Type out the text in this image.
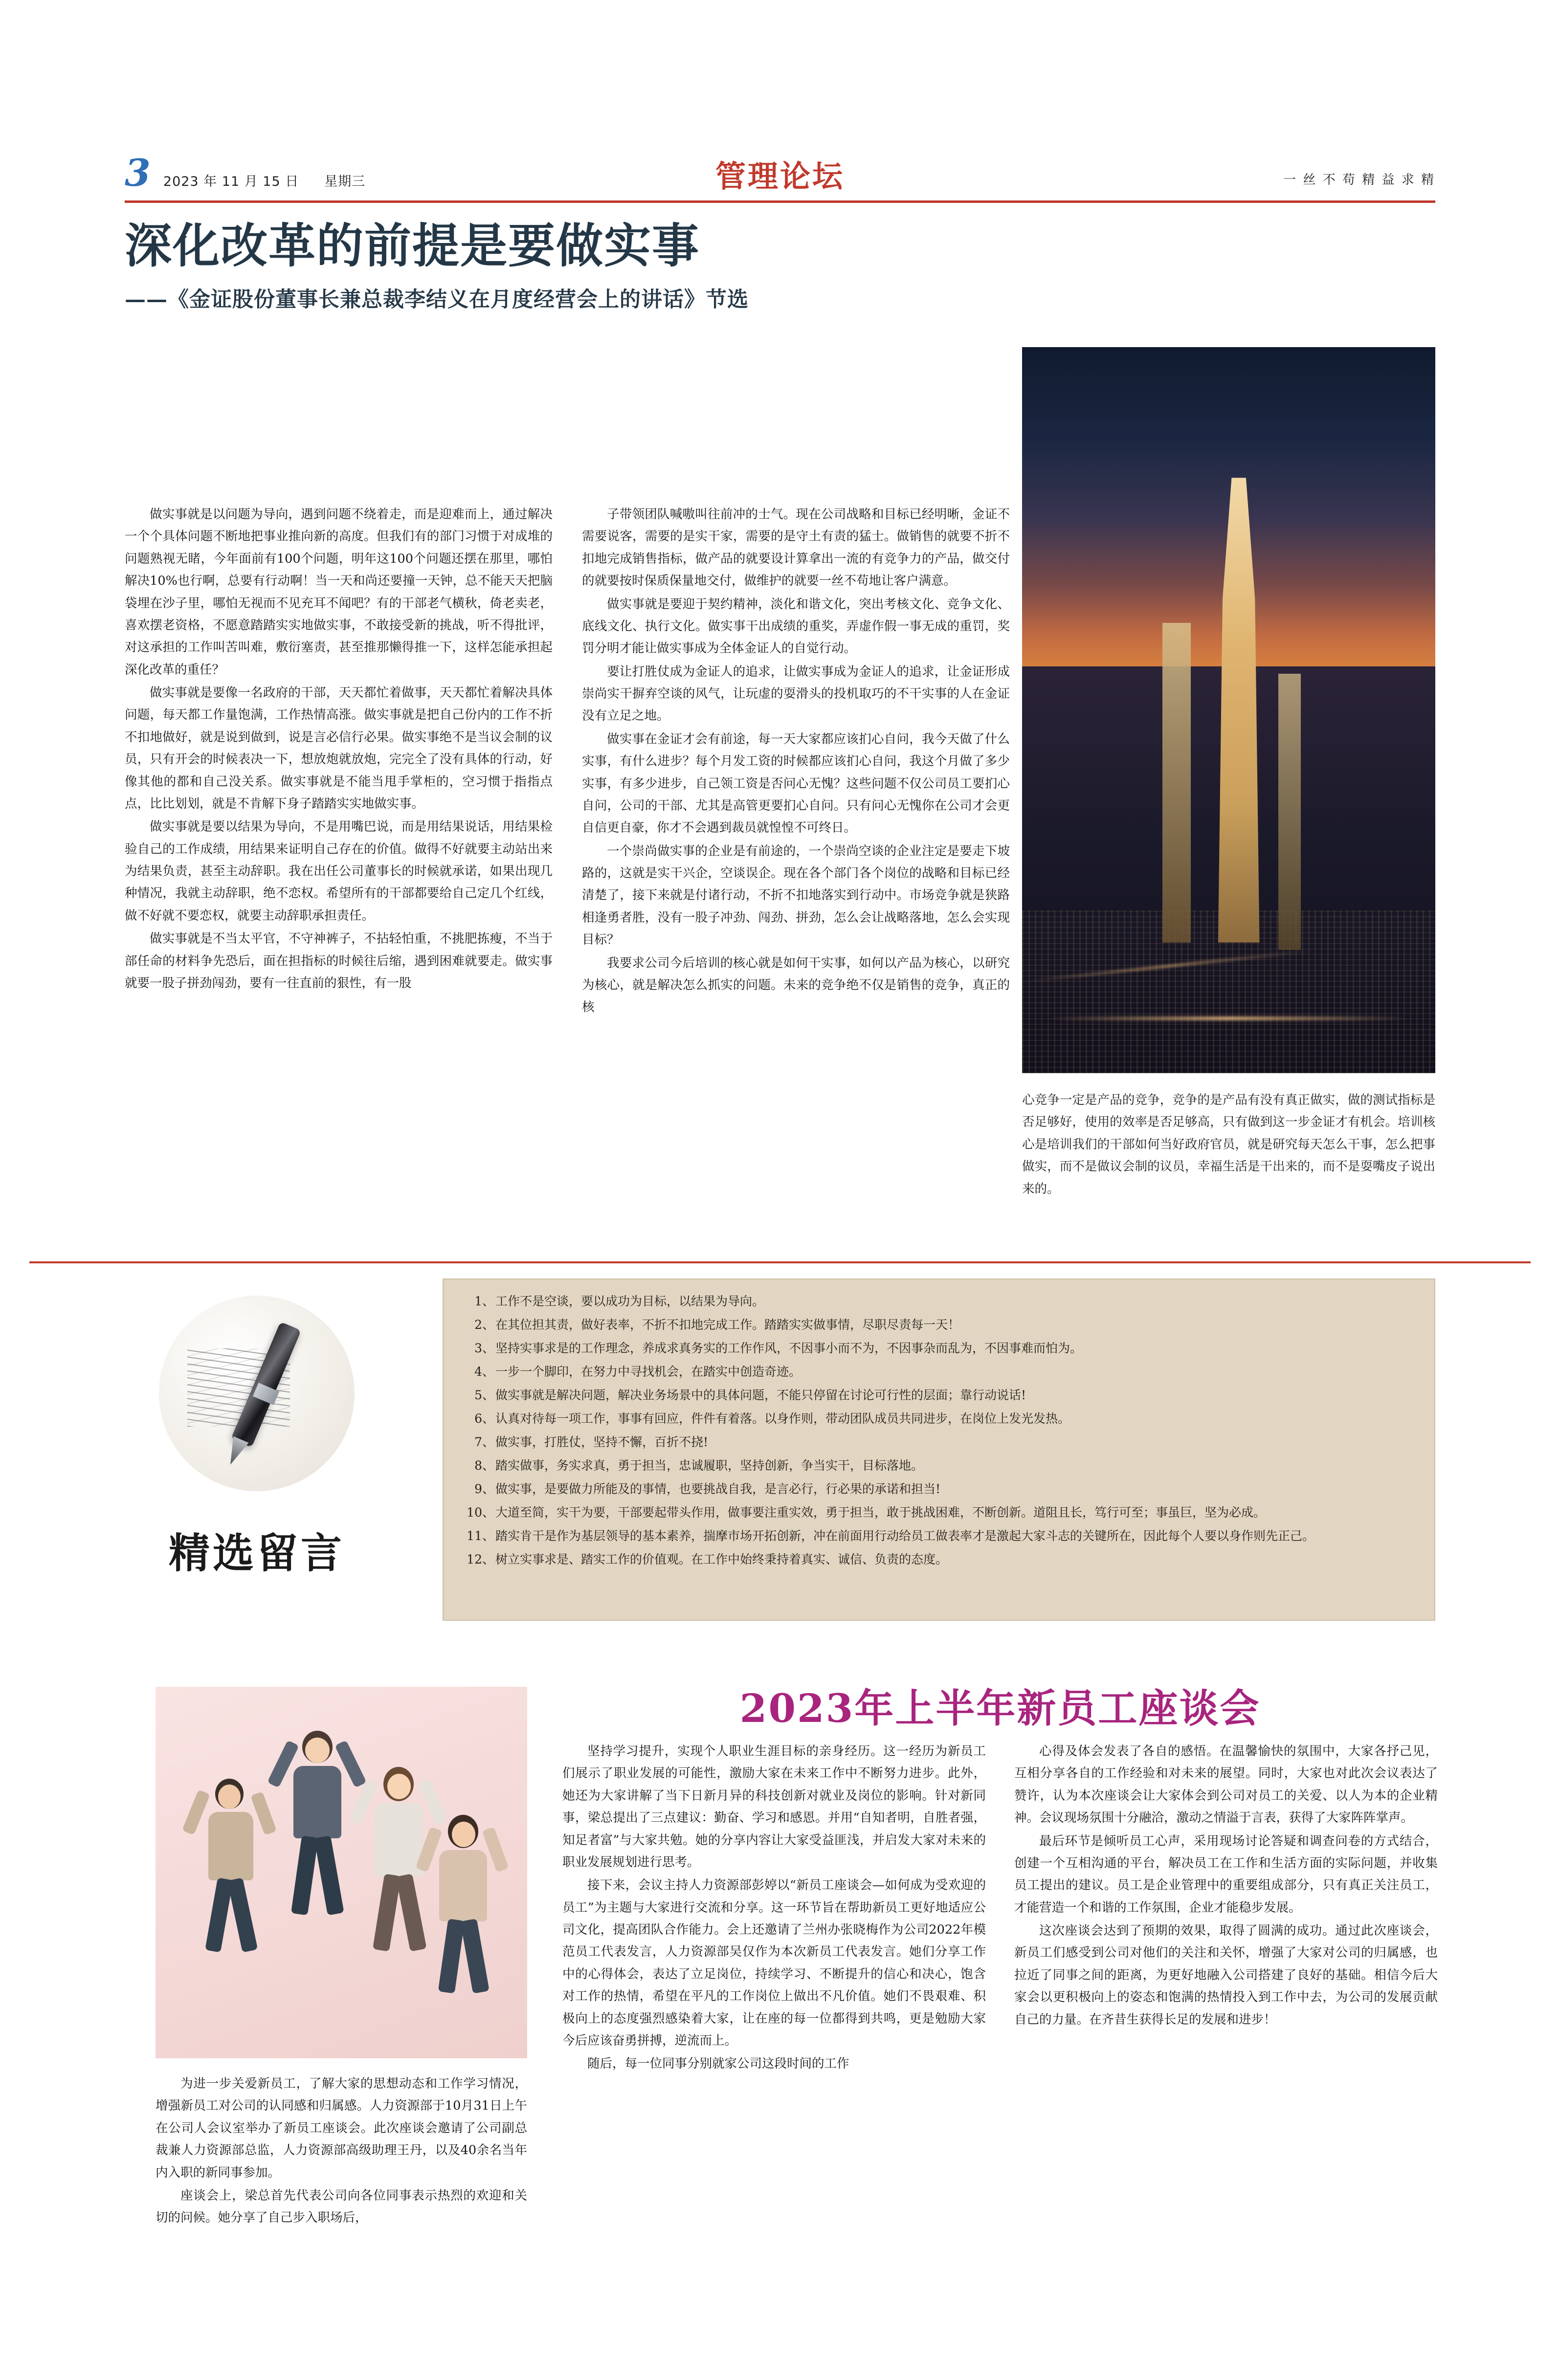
3 2023 年 11 月 15 日 星期三	管理论坛	一 丝 不 苟 精 益 求 精
深化改革的前提是要做实事
——《金证股份董事长兼总裁李结义在月度经营会上的讲话》节选

做实事就是以问题为导向，遇到问题不绕着走，而是迎难而上，通过解决一个个具体问题不断地把事业推向新的高度。但我们有的部门习惯于对成堆的问题熟视无睹，今年面前有100个问题，明年这100个问题还摆在那里，哪怕解决10%也行啊，总要有行动啊！当一天和尚还要撞一天钟，总不能天天把脑袋埋在沙子里，哪怕无视而不见充耳不闻吧？有的干部老气横秋，倚老卖老，喜欢摆老资格，不愿意踏踏实实地做实事，不敢接受新的挑战，听不得批评，对这承担的工作叫苦叫难，敷衍塞责，甚至推那懒得推一下，这样怎能承担起深化改革的重任？

做实事就是要像一名政府的干部，天天都忙着做事，天天都忙着解决具体问题，每天都工作量饱满，工作热情高涨。做实事就是把自己份内的工作不折不扣地做好，就是说到做到，说是言必信行必果。做实事绝不是当议会制的议员，只有开会的时候表决一下，想放炮就放炮，完完全了没有具体的行动，好像其他的都和自己没关系。做实事就是不能当甩手掌柜的，空习惯于指指点点，比比划划，就是不肯解下身子踏踏实实地做实事。

做实事就是要以结果为导向，不是用嘴巴说，而是用结果说话，用结果检验自己的工作成绩，用结果来证明自己存在的价值。做得不好就要主动站出来为结果负责，甚至主动辞职。我在出任公司董事长的时候就承诺，如果出现几种情况，我就主动辞职，绝不恋权。希望所有的干部都要给自己定几个红线，做不好就不要恋权，就要主动辞职承担责任。

做实事就是不当太平官，不守神裤子，不拈轻怕重，不挑肥拣瘦，不当于部任命的材料争先恐后，面在担指标的时候往后缩，遇到困难就要走。做实事就要一股子拼劲闯劲，要有一往直前的狠性，有一股

子带领团队喊嗷叫往前冲的士气。现在公司战略和目标已经明晰，金证不需要说客，需要的是实干家，需要的是守土有责的猛士。做销售的就要不折不扣地完成销售指标，做产品的就要设计算拿出一流的有竞争力的产品，做交付的就要按时保质保量地交付，做维护的就要一丝不苟地让客户满意。

做实事就是要迎于契约精神，淡化和谐文化，突出考核文化、竞争文化、底线文化、执行文化。做实事干出成绩的重奖，弄虚作假一事无成的重罚，奖罚分明才能让做实事成为全体金证人的自觉行动。

要让打胜仗成为金证人的追求，让做实事成为金证人的追求，让金证形成崇尚实干摒弃空谈的风气，让玩虚的耍滑头的投机取巧的不干实事的人在金证没有立足之地。

做实事在金证才会有前途，每一天大家都应该扪心自问，我今天做了什么实事，有什么进步？每个月发工资的时候都应该扪心自问，我这个月做了多少实事，有多少进步，自己领工资是否问心无愧？这些问题不仅公司员工要扪心自问，公司的干部、尤其是高管更要扪心自问。只有问心无愧你在公司才会更自信更自豪，你才不会遇到裁员就惶惶不可终日。

一个崇尚做实事的企业是有前途的，一个崇尚空谈的企业注定是要走下坡路的，这就是实干兴企，空谈误企。现在各个部门各个岗位的战略和目标已经清楚了，接下来就是付诸行动，不折不扣地落实到行动中。市场竞争就是狭路相逢勇者胜，没有一股子冲劲、闯劲、拼劲，怎么会让战略落地，怎么会实现目标？

我要求公司今后培训的核心就是如何干实事，如何以产品为核心，以研究为核心，就是解决怎么抓实的问题。未来的竞争绝不仅是销售的竞争，真正的核

心竞争一定是产品的竞争，竞争的是产品有没有真正做实，做的测试指标是否足够好，使用的效率是否足够高，只有做到这一步金证才有机会。培训核心是培训我们的干部如何当好政府官员，就是研究每天怎么干事，怎么把事做实，而不是做议会制的议员，幸福生活是干出来的，而不是耍嘴皮子说出来的。
精选留言
工作不是空谈，要以成功为目标，以结果为导向。
在其位担其责，做好表率，不折不扣地完成工作。踏踏实实做事情，尽职尽责每一天！
坚持实事求是的工作理念，养成求真务实的工作作风，不因事小而不为，不因事杂而乱为，不因事难而怕为。
一步一个脚印，在努力中寻找机会，在踏实中创造奇迹。
做实事就是解决问题，解决业务场景中的具体问题，不能只停留在讨论可行性的层面；靠行动说话!
认真对待每一项工作，事事有回应，件件有着落。以身作则，带动团队成员共同进步，在岗位上发光发热。
做实事，打胜仗，坚持不懈，百折不挠!
踏实做事，务实求真，勇于担当，忠诚履职，坚持创新，争当实干，目标落地。
做实事，是要做力所能及的事情，也要挑战自我，是言必行，行必果的承诺和担当!
大道至简，实干为要，干部要起带头作用，做事要注重实效，勇于担当，敢于挑战困难，不断创新。道阻且长，笃行可至；事虽巨，坚为必成。
踏实肯干是作为基层领导的基本素养，揣摩市场开拓创新，冲在前面用行动给员工做表率才是激起大家斗志的关键所在，因此每个人要以身作则先正己。
树立实事求是、踏实工作的价值观。在工作中始终秉持着真实、诚信、负责的态度。
2023年上半年新员工座谈会

为进一步关爱新员工，了解大家的思想动态和工作学习情况，增强新员工对公司的认同感和归属感。人力资源部于10月31日上午在公司人会议室举办了新员工座谈会。此次座谈会邀请了公司副总裁兼人力资源部总监，人力资源部高级助理王丹，以及40余名当年内入职的新同事参加。

座谈会上，梁总首先代表公司向各位同事表示热烈的欢迎和关切的问候。她分享了自己步入职场后，

坚持学习提升，实现个人职业生涯目标的亲身经历。这一经历为新员工们展示了职业发展的可能性，激励大家在未来工作中不断努力进步。此外，她还为大家讲解了当下日新月异的科技创新对就业及岗位的影响。针对新同事，梁总提出了三点建议：勤奋、学习和感恩。并用“自知者明，自胜者强，知足者富”与大家共勉。她的分享内容让大家受益匪浅，并启发大家对未来的职业发展规划进行思考。

接下来，会议主持人力资源部彭婷以“新员工座谈会—如何成为受欢迎的员工”为主题与大家进行交流和分享。这一环节旨在帮助新员工更好地适应公司文化，提高团队合作能力。会上还邀请了兰州办张晓梅作为公司2022年模范员工代表发言，人力资源部吴仅作为本次新员工代表发言。她们分享工作中的心得体会，表达了立足岗位，持续学习、不断提升的信心和决心，饱含对工作的热情，希望在平凡的工作岗位上做出不凡价值。她们不畏艰难、积极向上的态度强烈感染着大家，让在座的每一位都得到共鸣，更是勉励大家今后应该奋勇拼搏，逆流而上。

随后，每一位同事分别就家公司这段时间的工作

心得及体会发表了各自的感悟。在温馨愉快的氛围中，大家各抒己见，互相分享各自的工作经验和对未来的展望。同时，大家也对此次会议表达了赞许，认为本次座谈会让大家体会到公司对员工的关爱、以人为本的企业精神。会议现场氛围十分融洽，激动之情溢于言表，获得了大家阵阵掌声。

最后环节是倾听员工心声，采用现场讨论答疑和调查问卷的方式结合，创建一个互相沟通的平台，解决员工在工作和生活方面的实际问题，并收集员工提出的建议。员工是企业管理中的重要组成部分，只有真正关注员工，才能营造一个和谐的工作氛围，企业才能稳步发展。

这次座谈会达到了预期的效果，取得了圆满的成功。通过此次座谈会，新员工们感受到公司对他们的关注和关怀，增强了大家对公司的归属感，也拉近了同事之间的距离，为更好地融入公司搭建了良好的基础。相信今后大家会以更积极向上的姿态和饱满的热情投入到工作中去，为公司的发展贡献自己的力量。在齐昔生获得长足的发展和进步！
